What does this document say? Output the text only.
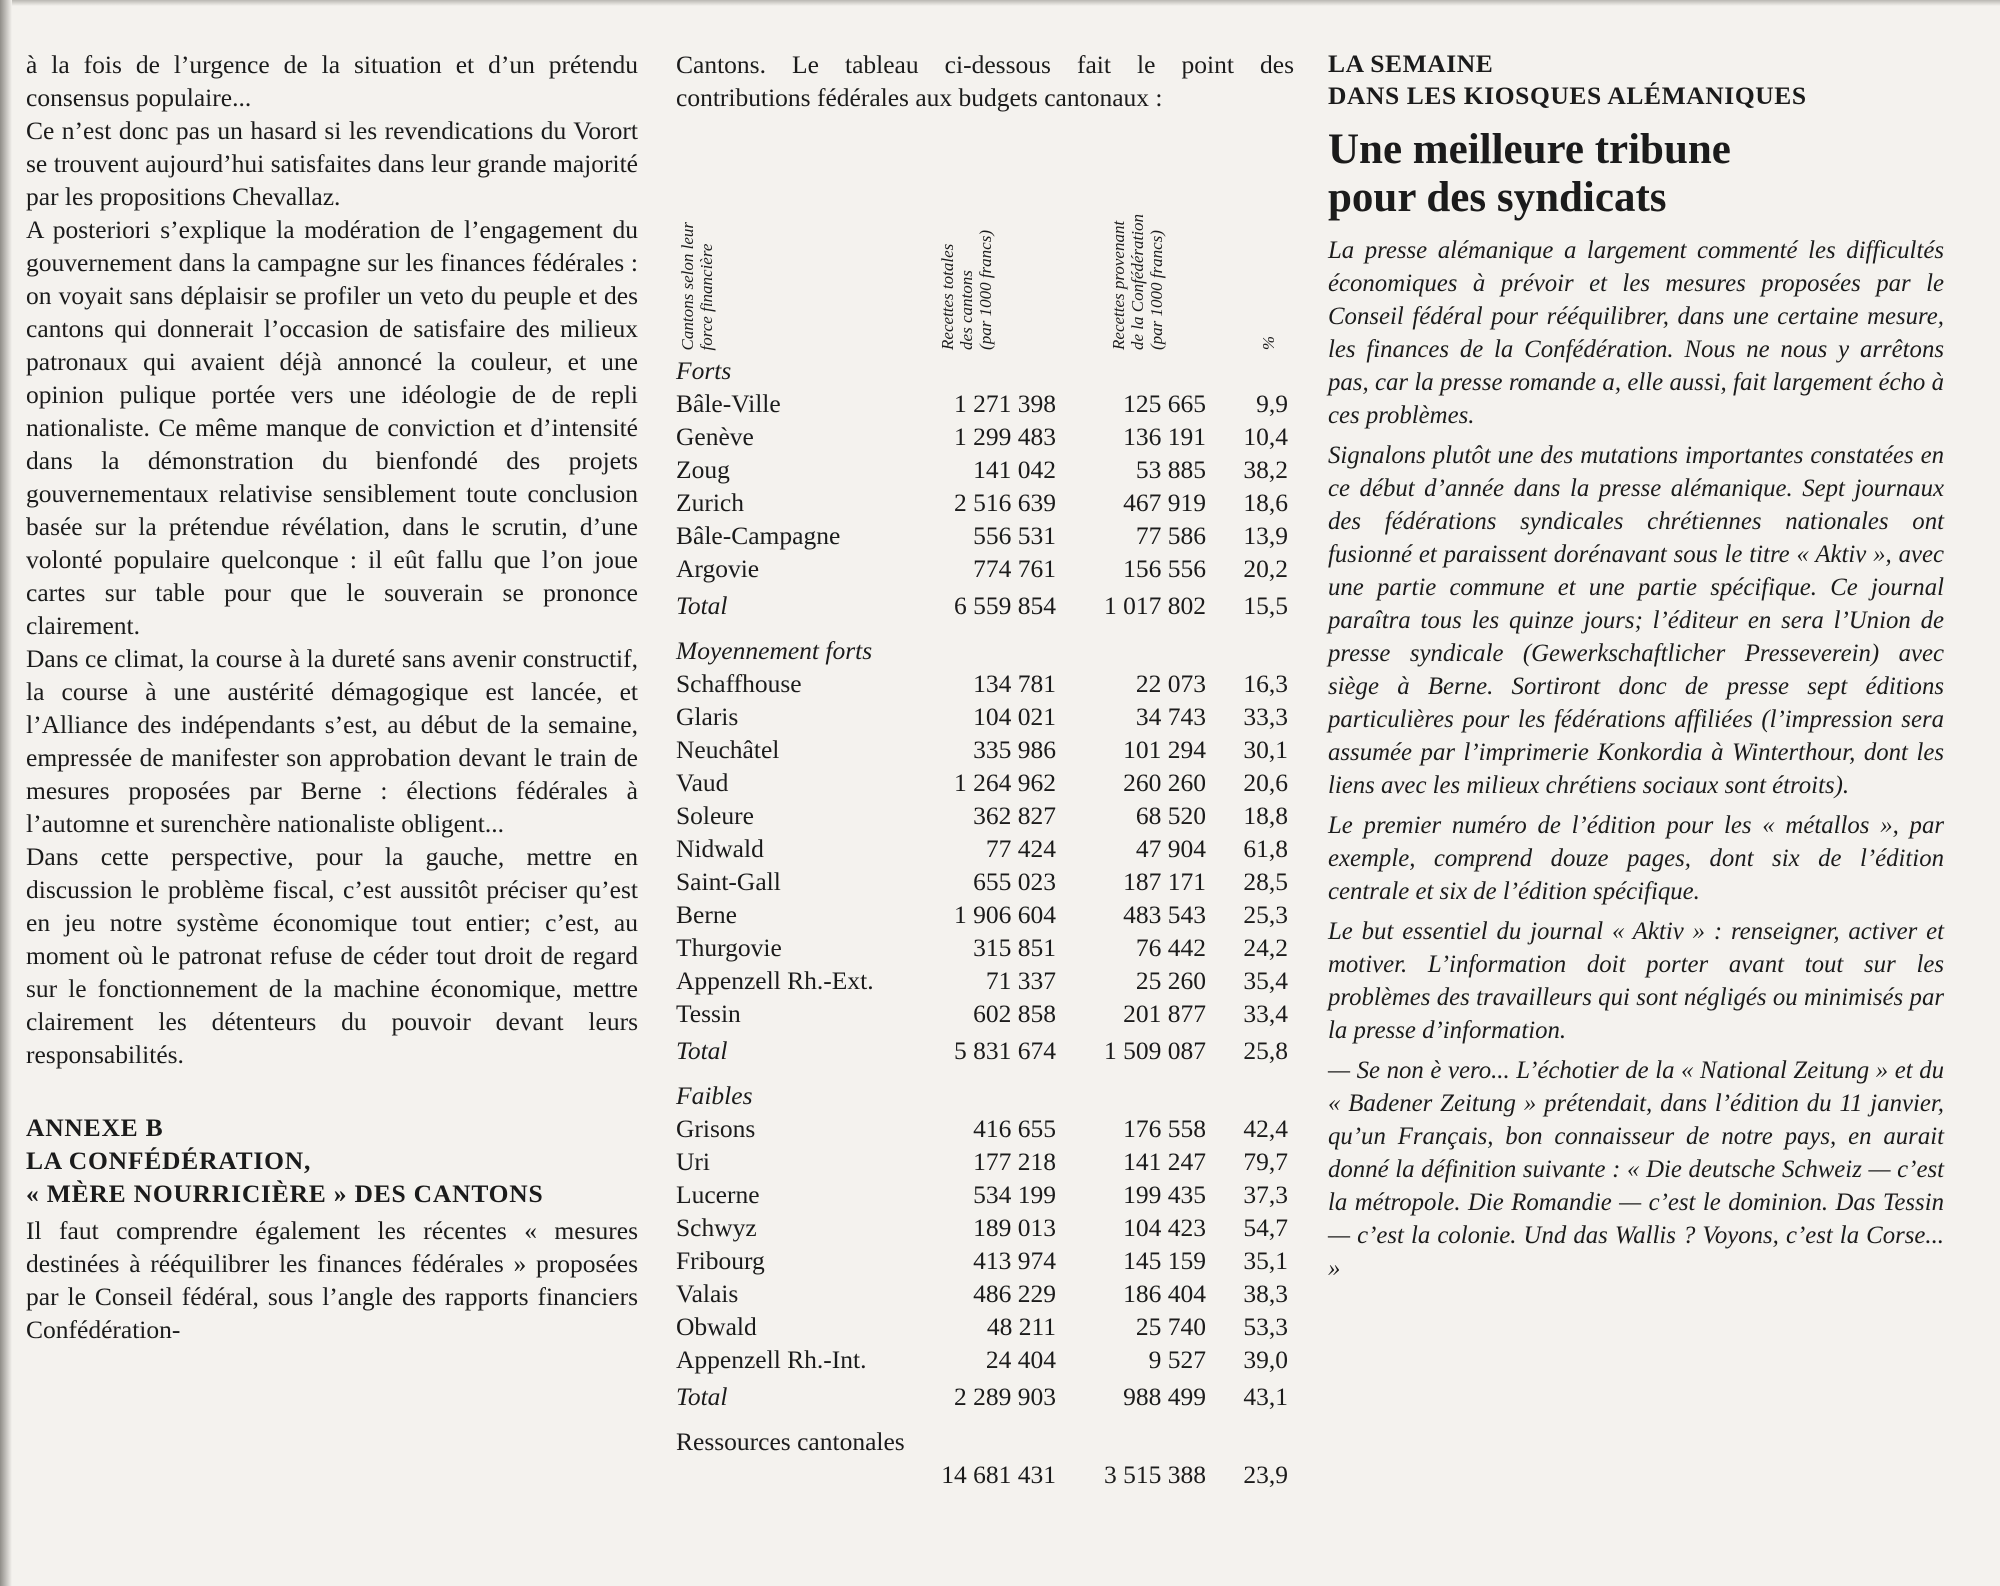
à la fois de l’urgence de la situation et d’un prétendu consensus populaire...

Ce n’est donc pas un hasard si les revendications du Vorort se trouvent aujourd’hui satisfaites dans leur grande majorité par les propositions Chevallaz.

A posteriori s’explique la modération de l’engagement du gouvernement dans la campagne sur les finances fédérales : on voyait sans déplaisir se profiler un veto du peuple et des cantons qui donnerait l’occasion de satisfaire des milieux patronaux qui avaient déjà annoncé la couleur, et une opinion pulique portée vers une idéologie de de repli nationaliste. Ce même manque de conviction et d’intensité dans la démonstration du bienfondé des projets gouvernementaux relativise sensiblement toute conclusion basée sur la prétendue révélation, dans le scrutin, d’une volonté populaire quelconque : il eût fallu que l’on joue cartes sur table pour que le souverain se prononce clairement.

Dans ce climat, la course à la dureté sans avenir constructif, la course à une austérité démagogique est lancée, et l’Alliance des indépendants s’est, au début de la semaine, empressée de manifester son approbation devant le train de mesures proposées par Berne : élections fédérales à l’automne et surenchère nationaliste obligent...

Dans cette perspective, pour la gauche, mettre en discussion le problème fiscal, c’est aussitôt préciser qu’est en jeu notre système économique tout entier; c’est, au moment où le patronat refuse de céder tout droit de regard sur le fonctionnement de la machine économique, mettre clairement les détenteurs du pouvoir devant leurs responsabilités.

ANNEXE B

LA CONFÉDÉRATION,

« MÈRE NOURRICIÈRE » DES CANTONS

Il faut comprendre également les récentes « mesures destinées à rééquilibrer les finances fédérales » proposées par le Conseil fédéral, sous l’angle des rapports financiers Confédération-

Cantons. Le tableau ci-dessous fait le point des contributions fédérales aux budgets cantonaux :

Cantons selon leur
force financière
Recettes totales
des cantons
(par 1000 francs)
Recettes provenant
de la Confédération
(par 1000 francs)
%
Forts
Bâle-Ville	1 271 398	125 665	9,9
Genève	1 299 483	136 191	10,4
Zoug	141 042	53 885	38,2
Zurich	2 516 639	467 919	18,6
Bâle-Campagne	556 531	77 586	13,9
Argovie	774 761	156 556	20,2
Total	6 559 854	1 017 802	15,5
Moyennement forts
Schaffhouse	134 781	22 073	16,3
Glaris	104 021	34 743	33,3
Neuchâtel	335 986	101 294	30,1
Vaud	1 264 962	260 260	20,6
Soleure	362 827	68 520	18,8
Nidwald	77 424	47 904	61,8
Saint-Gall	655 023	187 171	28,5
Berne	1 906 604	483 543	25,3
Thurgovie	315 851	76 442	24,2
Appenzell Rh.-Ext.	71 337	25 260	35,4
Tessin	602 858	201 877	33,4
Total	5 831 674	1 509 087	25,8
Faibles
Grisons	416 655	176 558	42,4
Uri	177 218	141 247	79,7
Lucerne	534 199	199 435	37,3
Schwyz	189 013	104 423	54,7
Fribourg	413 974	145 159	35,1
Valais	486 229	186 404	38,3
Obwald	48 211	25 740	53,3
Appenzell Rh.-Int.	24 404	9 527	39,0
Total	2 289 903	988 499	43,1
Ressources cantonales
14 681 431	3 515 388	23,9

LA SEMAINE

DANS LES KIOSQUES ALÉMANIQUES

Une meilleure tribune
pour des syndicats

La presse alémanique a largement commenté les difficultés économiques à prévoir et les mesures proposées par le Conseil fédéral pour rééquilibrer, dans une certaine mesure, les finances de la Confédération. Nous ne nous y arrêtons pas, car la presse romande a, elle aussi, fait largement écho à ces problèmes.

Signalons plutôt une des mutations importantes constatées en ce début d’année dans la presse alémanique. Sept journaux des fédérations syndicales chrétiennes nationales ont fusionné et paraissent dorénavant sous le titre « Aktiv », avec une partie commune et une partie spécifique. Ce journal paraîtra tous les quinze jours; l’éditeur en sera l’Union de presse syndicale (Gewerkschaftlicher Presseverein) avec siège à Berne. Sortiront donc de presse sept éditions particulières pour les fédérations affiliées (l’impression sera assumée par l’imprimerie Konkordia à Winterthour, dont les liens avec les milieux chrétiens sociaux sont étroits).

Le premier numéro de l’édition pour les « métallos », par exemple, comprend douze pages, dont six de l’édition centrale et six de l’édition spécifique.

Le but essentiel du journal « Aktiv » : renseigner, activer et motiver. L’information doit porter avant tout sur les problèmes des travailleurs qui sont négligés ou minimisés par la presse d’information.

— Se non è vero... L’échotier de la « National Zeitung » et du « Badener Zeitung » prétendait, dans l’édition du 11 janvier, qu’un Français, bon connaisseur de notre pays, en aurait donné la définition suivante : « Die deutsche Schweiz — c’est la métropole. Die Romandie — c’est le dominion. Das Tessin — c’est la colonie. Und das Wallis ? Voyons, c’est la Corse... »
